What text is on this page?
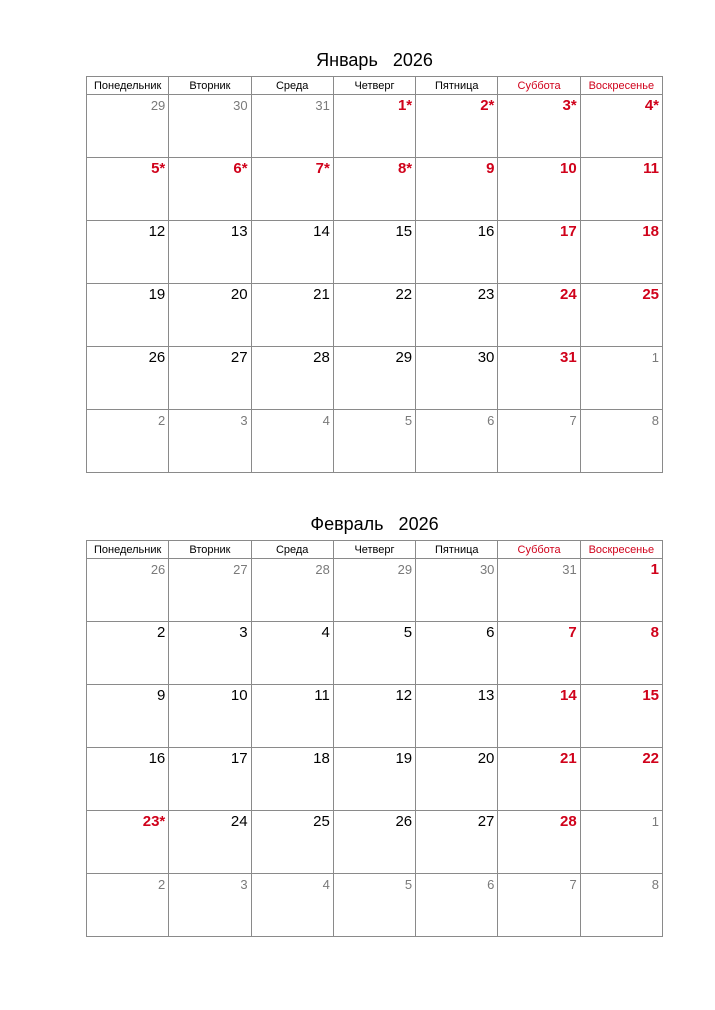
Январь   2026
Понедельник	Вторник	Среда	Четверг	Пятница	Суббота	Воскресенье

29	30	31	1*	2*	3*	4*

5*	6*	7*	8*	9	10	11

12	13	14	15	16	17	18

19	20	21	22	23	24	25

26	27	28	29	30	31	1

2	3	4	5	6	7	8
Февраль   2026
Понедельник	Вторник	Среда	Четверг	Пятница	Суббота	Воскресенье

26	27	28	29	30	31	1

2	3	4	5	6	7	8

9	10	11	12	13	14	15

16	17	18	19	20	21	22

23*	24	25	26	27	28	1

2	3	4	5	6	7	8
